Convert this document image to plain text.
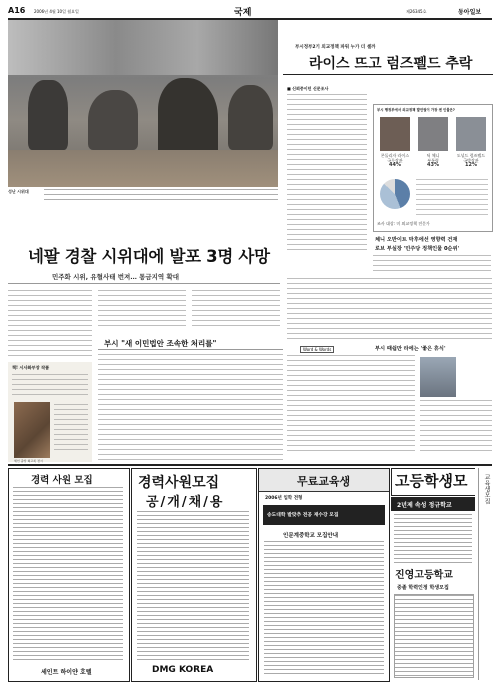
A16 2006년 4월 10일 월요일	국제	제26345호	동아일보
성난 시위대
부시정부2기 외교정책 파워 누가 더 셀까
라이스 뜨고 럼즈펠드 추락
■ 신뢰중이던 신문조사
부시 행정부에서 외교정책 발언권이 가장 센 인물은?
콘돌리자 라이스
국무장관
44%
딕 체니
부통령
43%
도널드 럼즈펠드
국방장관
12%
조사 대상: 미 외교정책 전문가
체니 오반이트 막후에선 영향력 건재
로브 부실장 '민주당 정책인물 0순위'
네팔 경찰 시위대에 발포 3명 사망
민주화 시위, 유혈사태 번져… 통금지역 확대
책! 시사화부장 작품
세인 중앙 회고록 전시
부시 "새 이민법안 조속한 처리를"
Word & Words	부시 때쉽만 라에는 '좋은 휴식'
경력 사원 모집
세인트 하이얀 호텔
경력사원모집
공/개/채/용
DMG KOREA
무료교육생
2006년 입학 전형
송도대학 발맞추 전공 재수강 모집
인문계중학교 모집안내
고등학생모
2년제 속성 정규학교
진영고등학교
중졸 학력인정 학생모집
교육생모집
